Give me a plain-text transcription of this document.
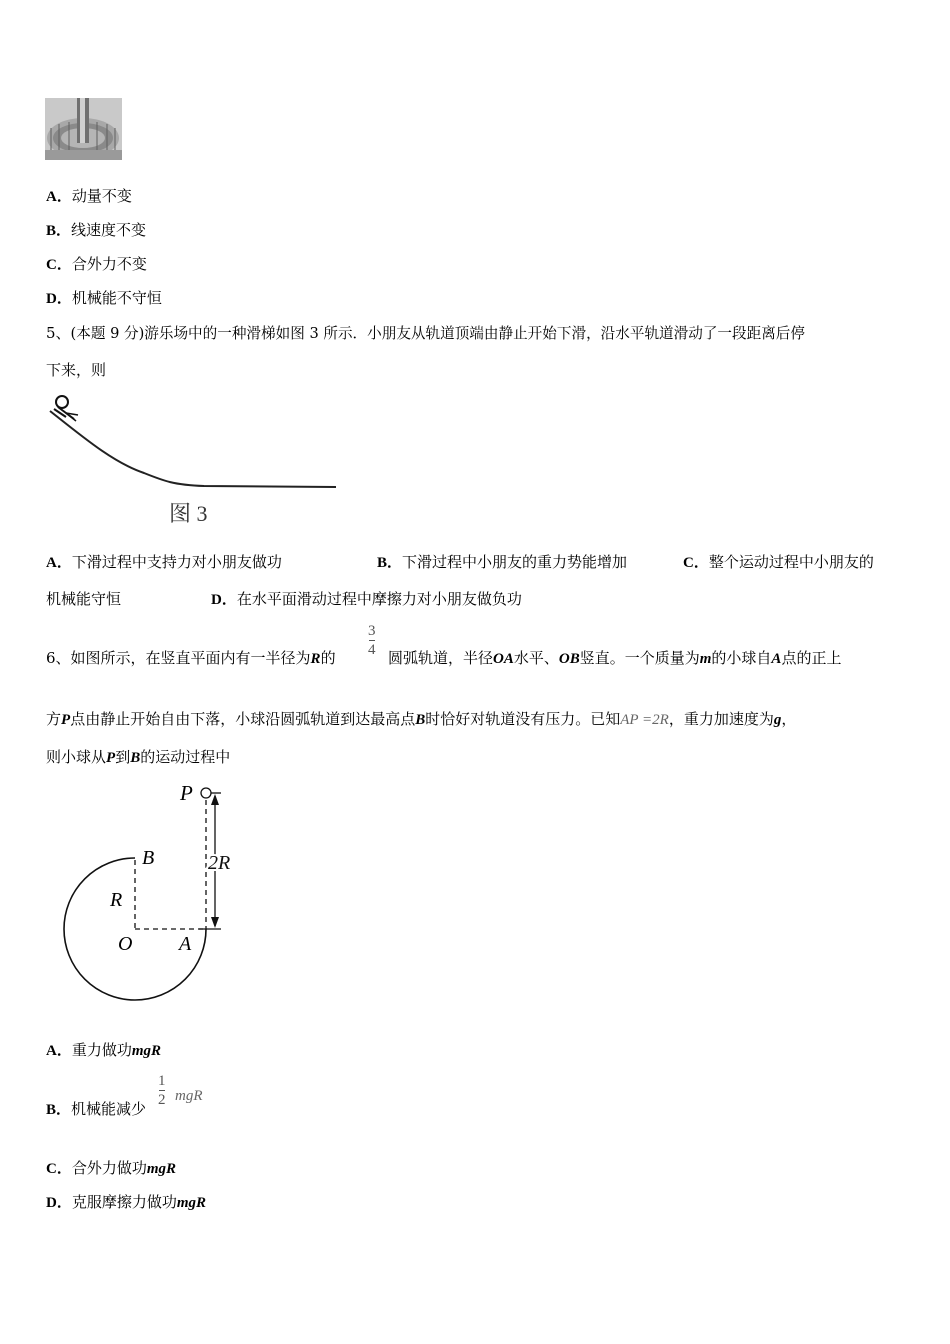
A．动量不变
B．线速度不变
C．合外力不变
D．机械能不守恒
5、(本题 9 分)游乐场中的一种滑梯如图 3 所示．小朋友从轨道顶端由静止开始下滑，沿水平轨道滑动了一段距离后停
下来，则
图 3
A．下滑过程中支持力对小朋友做功	B．下滑过程中小朋友的重力势能增加	C．整个运动过程中小朋友的
机械能守恒	D．在水平面滑动过程中摩擦力对小朋友做负功
6、如图所示，在竖直平面内有一半径为R的 $\frac{3}{4}$ 圆弧轨道，半径OA水平、OB竖直。一个质量为m的小球自A点的正上
方P点由静止开始自由下落，小球沿圆弧轨道到达最高点B时恰好对轨道没有压力。已知AP =2R，重力加速度为g，
则小球从P到B的运动过程中
P
B
R
O A
2R
A．重力做功mgR
B．机械能减少 $\frac{1}{2}$ mgR
C．合外力做功mgR
D．克服摩擦力做功mgR
